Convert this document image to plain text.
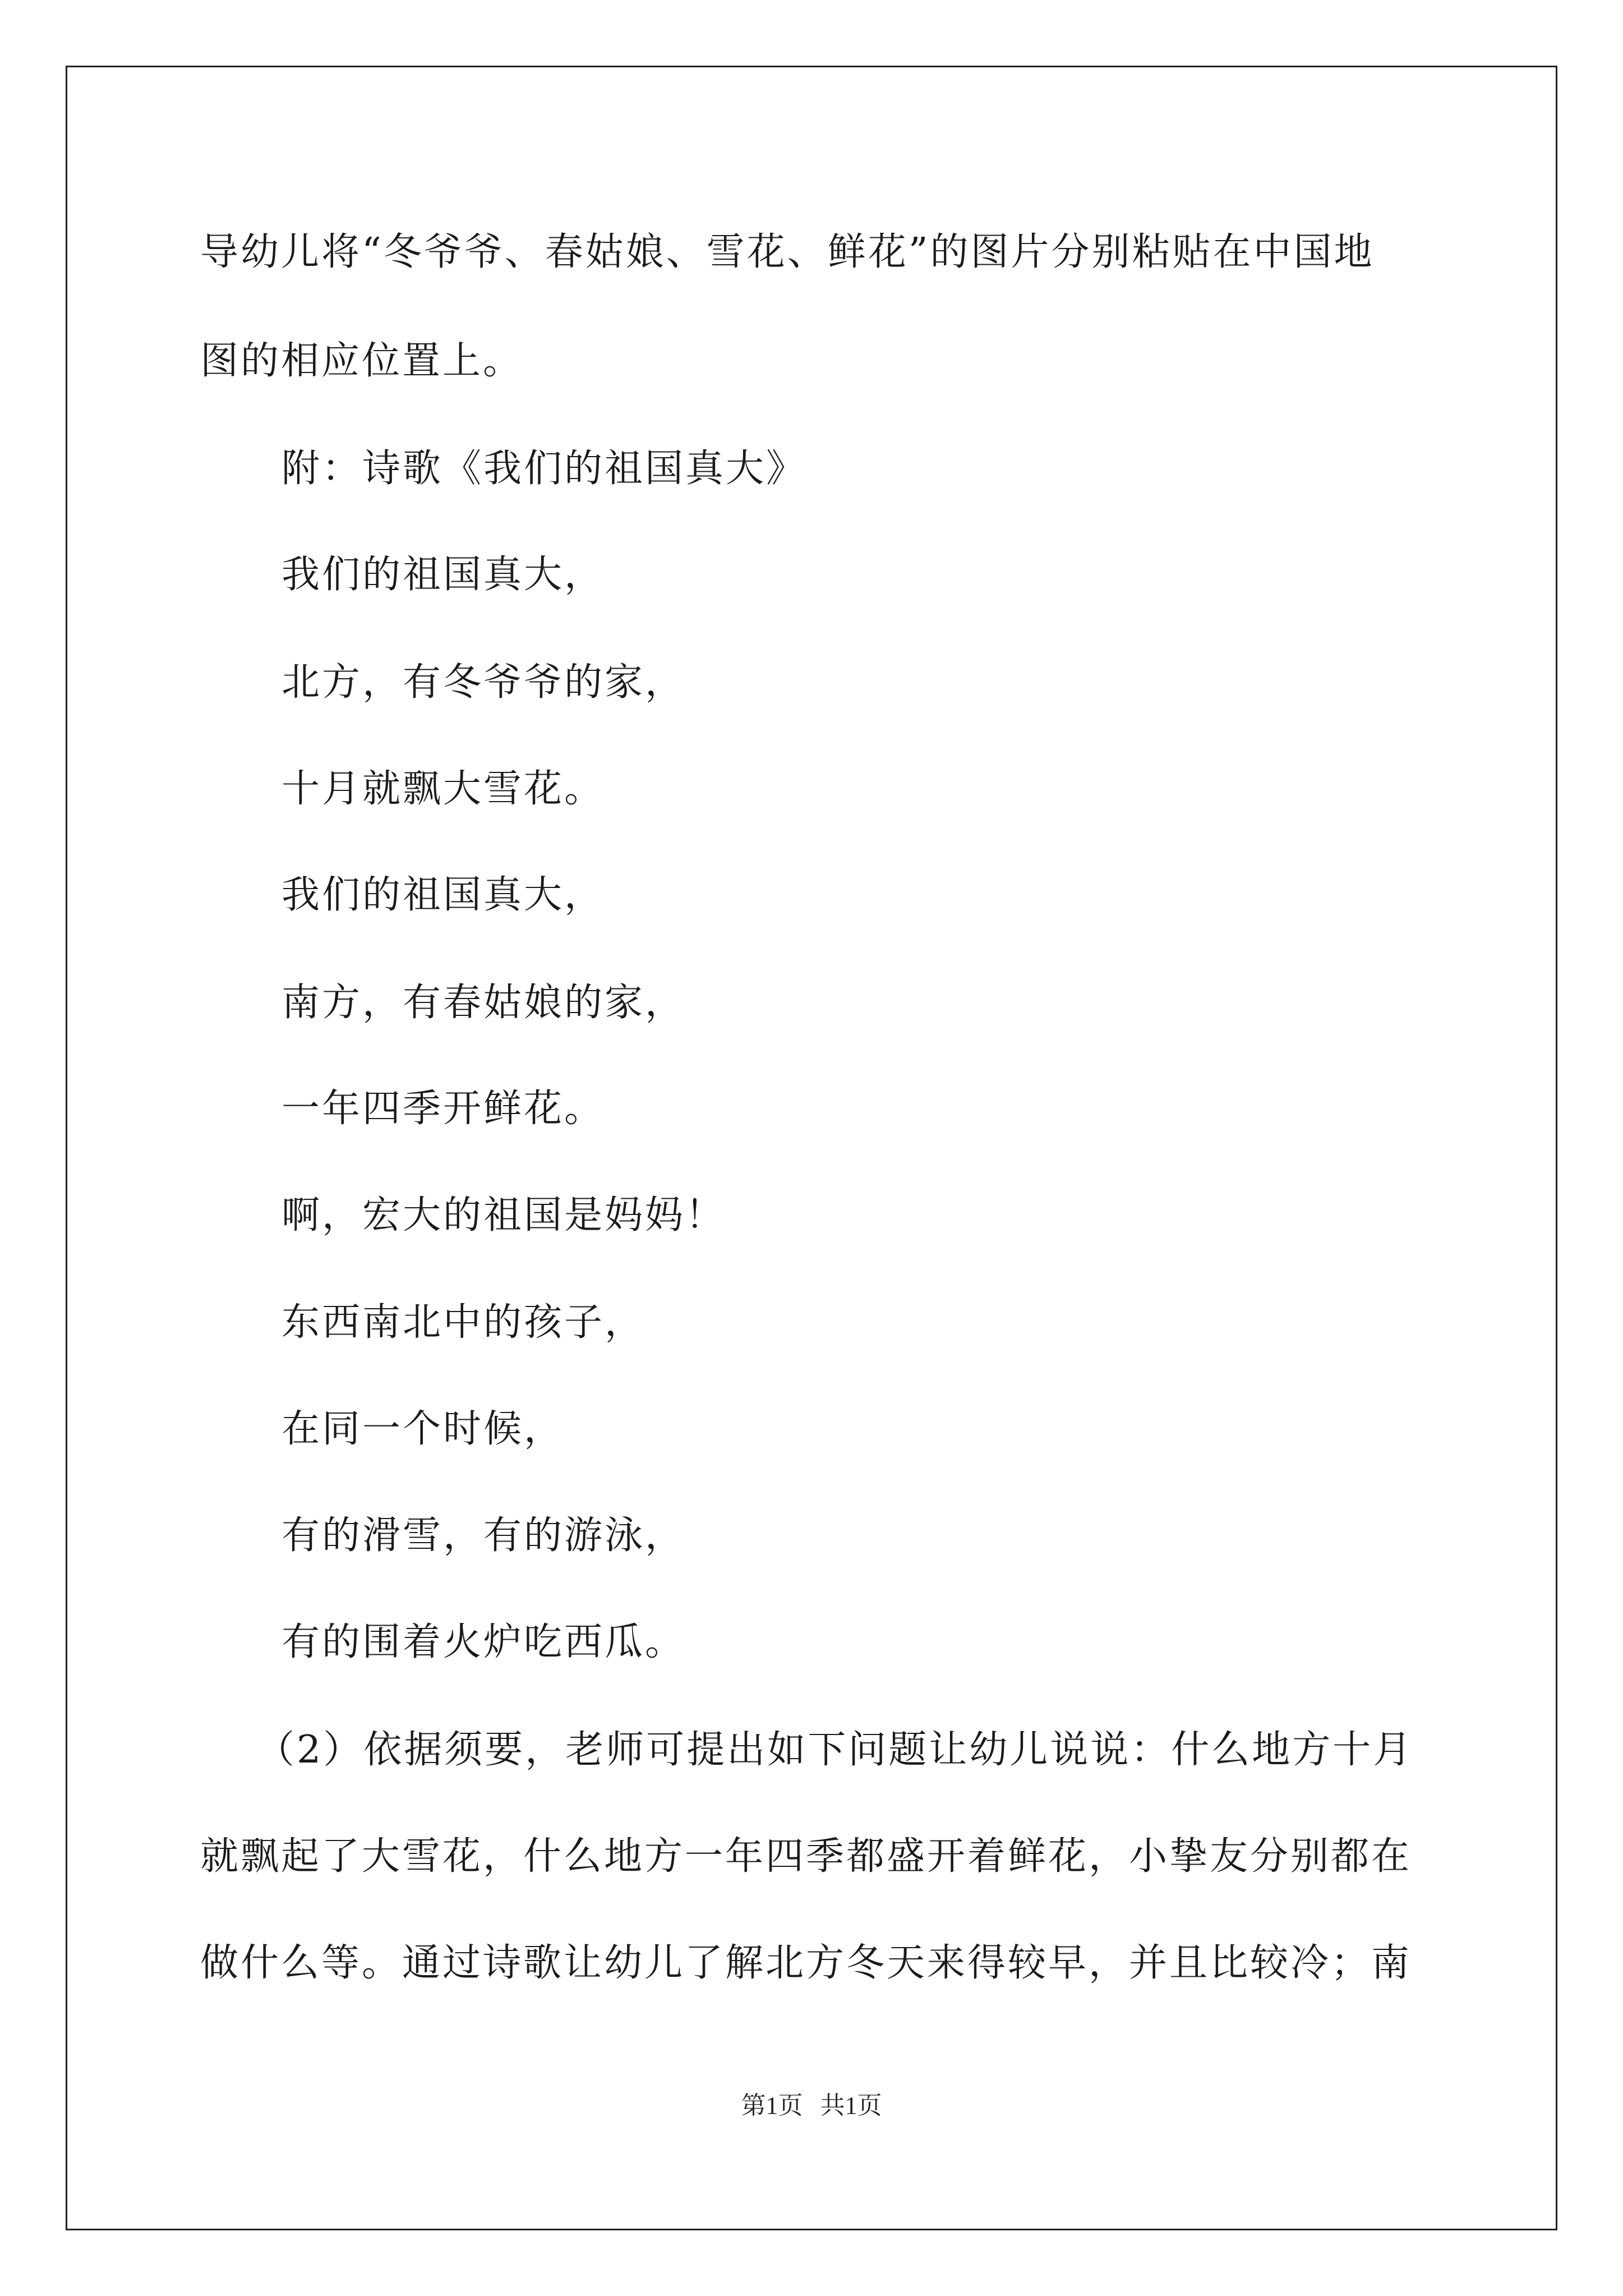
导幼儿将“冬爷爷、春姑娘、雪花、鲜花”的图片分别粘贴在中国地
图的相应位置上。
附：诗歌《我们的祖国真大》
我们的祖国真大，
北方，有冬爷爷的家，
十月就飘大雪花。
我们的祖国真大，
南方，有春姑娘的家，
一年四季开鲜花。
啊，宏大的祖国是妈妈！
东西南北中的孩子，
在同一个时候，
有的滑雪，有的游泳，
有的围着火炉吃西瓜。
（2）依据须要，老师可提出如下问题让幼儿说说：什么地方十月
就飘起了大雪花，什么地方一年四季都盛开着鲜花，小挚友分别都在
做什么等。通过诗歌让幼儿了解北方冬天来得较早，并且比较冷；南
第1页 共1页
